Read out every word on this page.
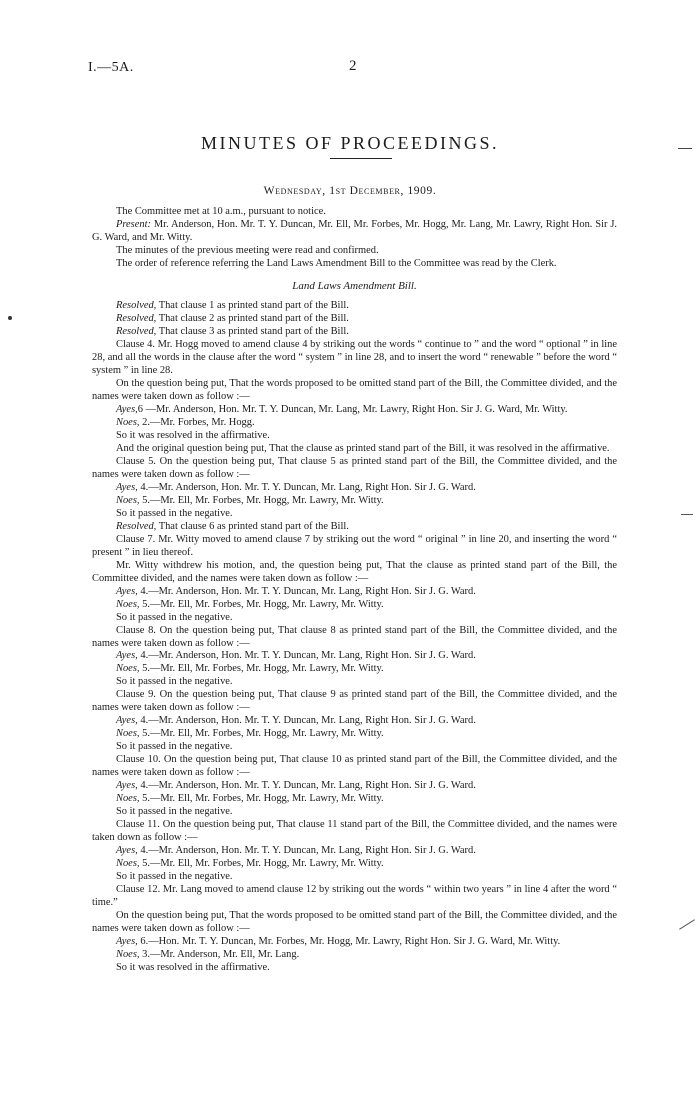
I.—5A.	2
MINUTES OF PROCEEDINGS.
Wednesday, 1st December, 1909.

The Committee met at 10 a.m., pursuant to notice.

Present: Mr. Anderson, Hon. Mr. T. Y. Duncan, Mr. Ell, Mr. Forbes, Mr. Hogg, Mr. Lang, Mr. Lawry, Right Hon. Sir J. G. Ward, and Mr. Witty.

The minutes of the previous meeting were read and confirmed.

The order of reference referring the Land Laws Amendment Bill to the Committee was read by the Clerk.

Land Laws Amendment Bill.

Resolved, That clause 1 as printed stand part of the Bill.

Resolved, That clause 2 as printed stand part of the Bill.

Resolved, That clause 3 as printed stand part of the Bill.

Clause 4. Mr. Hogg moved to amend clause 4 by striking out the words “ continue to ” and the word “ optional ” in line 28, and all the words in the clause after the word “ system ” in line 28, and to insert the word “ renewable ” before the word “ system ” in line 28.

On the question being put, That the words proposed to be omitted stand part of the Bill, the Committee divided, and the names were taken down as follow :—

Ayes,6 —Mr. Anderson, Hon. Mr. T. Y. Duncan, Mr. Lang, Mr. Lawry, Right Hon. Sir J. G. Ward, Mr. Witty.

Noes, 2.—Mr. Forbes, Mr. Hogg.

So it was resolved in the affirmative.

And the original question being put, That the clause as printed stand part of the Bill, it was resolved in the affirmative.

Clause 5. On the question being put, That clause 5 as printed stand part of the Bill, the Committee divided, and the names were taken down as follow :—

Ayes, 4.—Mr. Anderson, Hon. Mr. T. Y. Duncan, Mr. Lang, Right Hon. Sir J. G. Ward.

Noes, 5.—Mr. Ell, Mr. Forbes, Mr. Hogg, Mr. Lawry, Mr. Witty.

So it passed in the negative.

Resolved, That clause 6 as printed stand part of the Bill.

Clause 7. Mr. Witty moved to amend clause 7 by striking out the word “ original ” in line 20, and inserting the word “ present ” in lieu thereof.

Mr. Witty withdrew his motion, and, the question being put, That the clause as printed stand part of the Bill, the Committee divided, and the names were taken down as follow :—

Ayes, 4.—Mr. Anderson, Hon. Mr. T. Y. Duncan, Mr. Lang, Right Hon. Sir J. G. Ward.

Noes, 5.—Mr. Ell, Mr. Forbes, Mr. Hogg, Mr. Lawry, Mr. Witty.

So it passed in the negative.

Clause 8. On the question being put, That clause 8 as printed stand part of the Bill, the Committee divided, and the names were taken down as follow :—

Ayes, 4.—Mr. Anderson, Hon. Mr. T. Y. Duncan, Mr. Lang, Right Hon. Sir J. G. Ward.

Noes, 5.—Mr. Ell, Mr. Forbes, Mr. Hogg, Mr. Lawry, Mr. Witty.

So it passed in the negative.

Clause 9. On the question being put, That clause 9 as printed stand part of the Bill, the Committee divided, and the names were taken down as follow :—

Ayes, 4.—Mr. Anderson, Hon. Mr. T. Y. Duncan, Mr. Lang, Right Hon. Sir J. G. Ward.

Noes, 5.—Mr. Ell, Mr. Forbes, Mr. Hogg, Mr. Lawry, Mr. Witty.

So it passed in the negative.

Clause 10. On the question being put, That clause 10 as printed stand part of the Bill, the Committee divided, and the names were taken down as follow :—

Ayes, 4.—Mr. Anderson, Hon. Mr. T. Y. Duncan, Mr. Lang, Right Hon. Sir J. G. Ward.

Noes, 5.—Mr. Ell, Mr. Forbes, Mr. Hogg, Mr. Lawry, Mr. Witty.

So it passed in the negative.

Clause 11. On the question being put, That clause 11 stand part of the Bill, the Committee divided, and the names were taken down as follow :—

Ayes, 4.—Mr. Anderson, Hon. Mr. T. Y. Duncan, Mr. Lang, Right Hon. Sir J. G. Ward.

Noes, 5.—Mr. Ell, Mr. Forbes, Mr. Hogg, Mr. Lawry, Mr. Witty.

So it passed in the negative.

Clause 12. Mr. Lang moved to amend clause 12 by striking out the words “ within two years ” in line 4 after the word “ time.”

On the question being put, That the words proposed to be omitted stand part of the Bill, the Committee divided, and the names were taken down as follow :—

Ayes, 6.—Hon. Mr. T. Y. Duncan, Mr. Forbes, Mr. Hogg, Mr. Lawry, Right Hon. Sir J. G. Ward, Mr. Witty.

Noes, 3.—Mr. Anderson, Mr. Ell, Mr. Lang.

So it was resolved in the affirmative.
